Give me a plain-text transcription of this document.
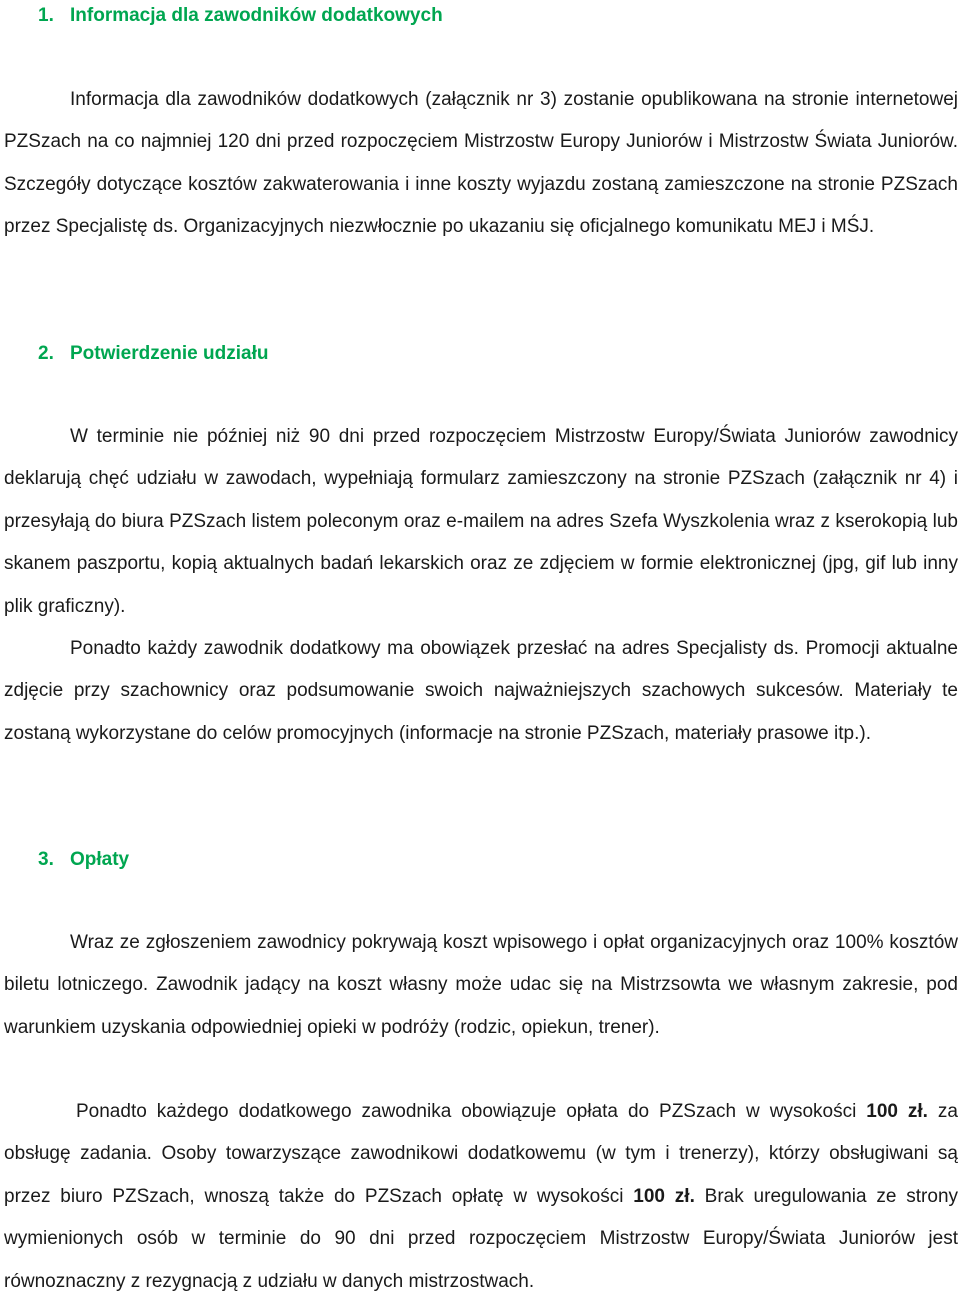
1. Informacja dla zawodników dodatkowych

Informacja dla zawodników dodatkowych (załącznik nr 3) zostanie opublikowana na stronie internetowej PZSzach na co najmniej 120 dni przed rozpoczęciem Mistrzostw Europy Juniorów i Mistrzostw Świata Juniorów. Szczegóły dotyczące kosztów zakwaterowania i inne koszty wyjazdu zostaną zamieszczone na stronie PZSzach przez Specjalistę ds. Organizacyjnych niezwłocznie po ukazaniu się oficjalnego komunikatu MEJ i MŚJ.

2. Potwierdzenie udziału

W terminie nie później niż 90 dni przed rozpoczęciem Mistrzostw Europy/Świata Juniorów zawodnicy deklarują chęć udziału w zawodach, wypełniają formularz zamieszczony na stronie PZSzach (załącznik nr 4) i przesyłają do biura PZSzach listem poleconym oraz e-mailem na adres Szefa Wyszkolenia wraz z kserokopią lub skanem paszportu, kopią aktualnych badań lekarskich oraz ze zdjęciem w formie elektronicznej (jpg, gif lub inny plik graficzny).

Ponadto każdy zawodnik dodatkowy ma obowiązek przesłać na adres Specjalisty ds. Promocji aktualne zdjęcie przy szachownicy oraz podsumowanie swoich najważniejszych szachowych sukcesów. Materiały te zostaną wykorzystane do celów promocyjnych (informacje na stronie PZSzach, materiały prasowe itp.).

3. Opłaty

Wraz ze zgłoszeniem zawodnicy pokrywają koszt wpisowego i opłat organizacyjnych oraz 100% kosztów biletu lotniczego. Zawodnik jadący na koszt własny może udac się na Mistrzsowta we własnym zakresie, pod warunkiem uzyskania odpowiedniej opieki w podróży (rodzic, opiekun, trener).

Ponadto każdego dodatkowego zawodnika obowiązuje opłata do PZSzach w wysokości 100 zł. za obsługę zadania. Osoby towarzyszące zawodnikowi dodatkowemu (w tym i trenerzy), którzy obsługiwani są przez biuro PZSzach, wnoszą także do PZSzach opłatę w wysokości 100 zł. Brak uregulowania ze strony wymienionych osób w terminie do 90 dni przed rozpoczęciem Mistrzostw Europy/Świata Juniorów jest równoznaczny z rezygnacją z udziału w danych mistrzostwach.
